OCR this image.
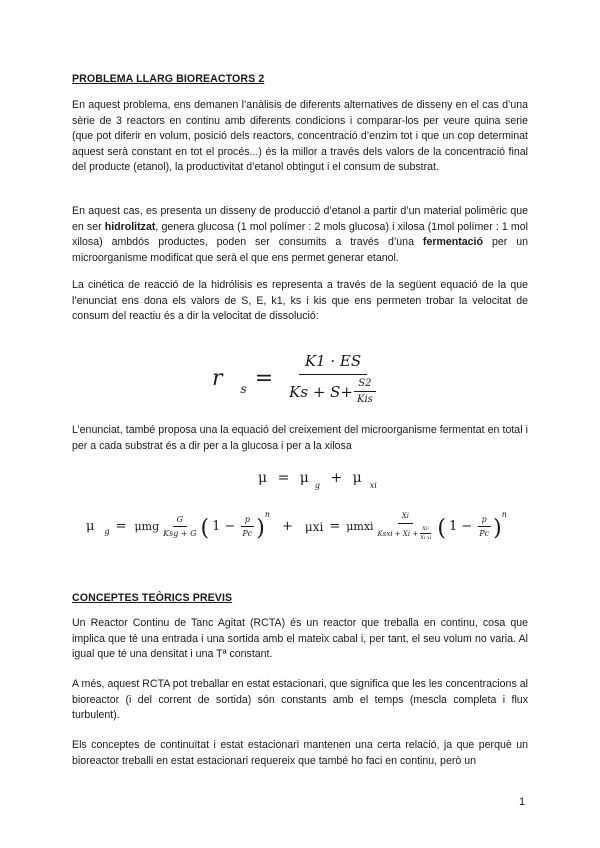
PROBLEMA LLARG BIOREACTORS 2
En aquest problema, ens demanen l’anàlisis de diferents alternatives de disseny en el cas d’una sèrie de 3 reactors en continu amb diferents condicions i comparar-los per veure quina serie (que pot diferir en volum, posició dels reactors, concentració d’enzim tot i que un cop determinat aquest serà constant en tot el procés...) és la millor a través dels valors de la concentració final del producte (etanol), la productivitat d’etanol obtingut i el consum de substrat.
En aquest cas, es presenta un disseny de producció d’etanol a partir d’un material polimèric que en ser hidrolitzat, genera glucosa (1 mol polímer : 2 mols glucosa) i xilosa (1mol polímer : 1 mol xilosa) ambdós productes, poden ser consumits a través d’una fermentació per un microorganisme modificat que serà el que ens permet generar etanol.
La cinética de reacció de la hidrólisis es representa a través de la següent equació de la que l’enunciat ens dona els valors de S, E, k1, ks i kis que ens permeten trobar la velocitat de consum del reactiu és a dir la velocitat de dissolució:
r $s = \frac{K1 \cdot ES}{Ks + S+ \frac{S2}{\text{Kis}}}$
L’enunciat, també proposa una la equació del creixement del microorganisme fermentat en total i per a cada substrat és a dir per a la glucosa i per a la xilosa
μ = μ $_g$ + μ $_{xi}$
μ g = μmg $\frac{G}{\text{Ksg + G}}$ ( $1 - \frac{p}{Pc}$ )
n
+ μxi = μmxi $\frac{Xi}{Ksxi + Xi + \frac{\text{Xi²}}{\text{Xi xi}}}$ ( $1 - \frac{p}{Pc}$ )
n
CONCEPTES TEÒRICS PREVIS
Un Reactor Continu de Tanc Agitat (RCTA) és un reactor que treballa en continu, cosa que implica que té una entrada i una sortida amb el mateix cabal i, per tant, el seu volum no varia. Al igual que té una densitat i una Tª constant.
A més, aquest RCTA pot treballar en estat estacionari, que significa que les les concentracions al bioreactor (i del corrent de sortida) són constants amb el temps (mescla completa i flux turbulent).
Els conceptes de continuïtat i estat estacionari mantenen una certa relació, ja que perquè un bioreactor treballi en estat estacionari requereix que també ho faci en continu, però un
1
